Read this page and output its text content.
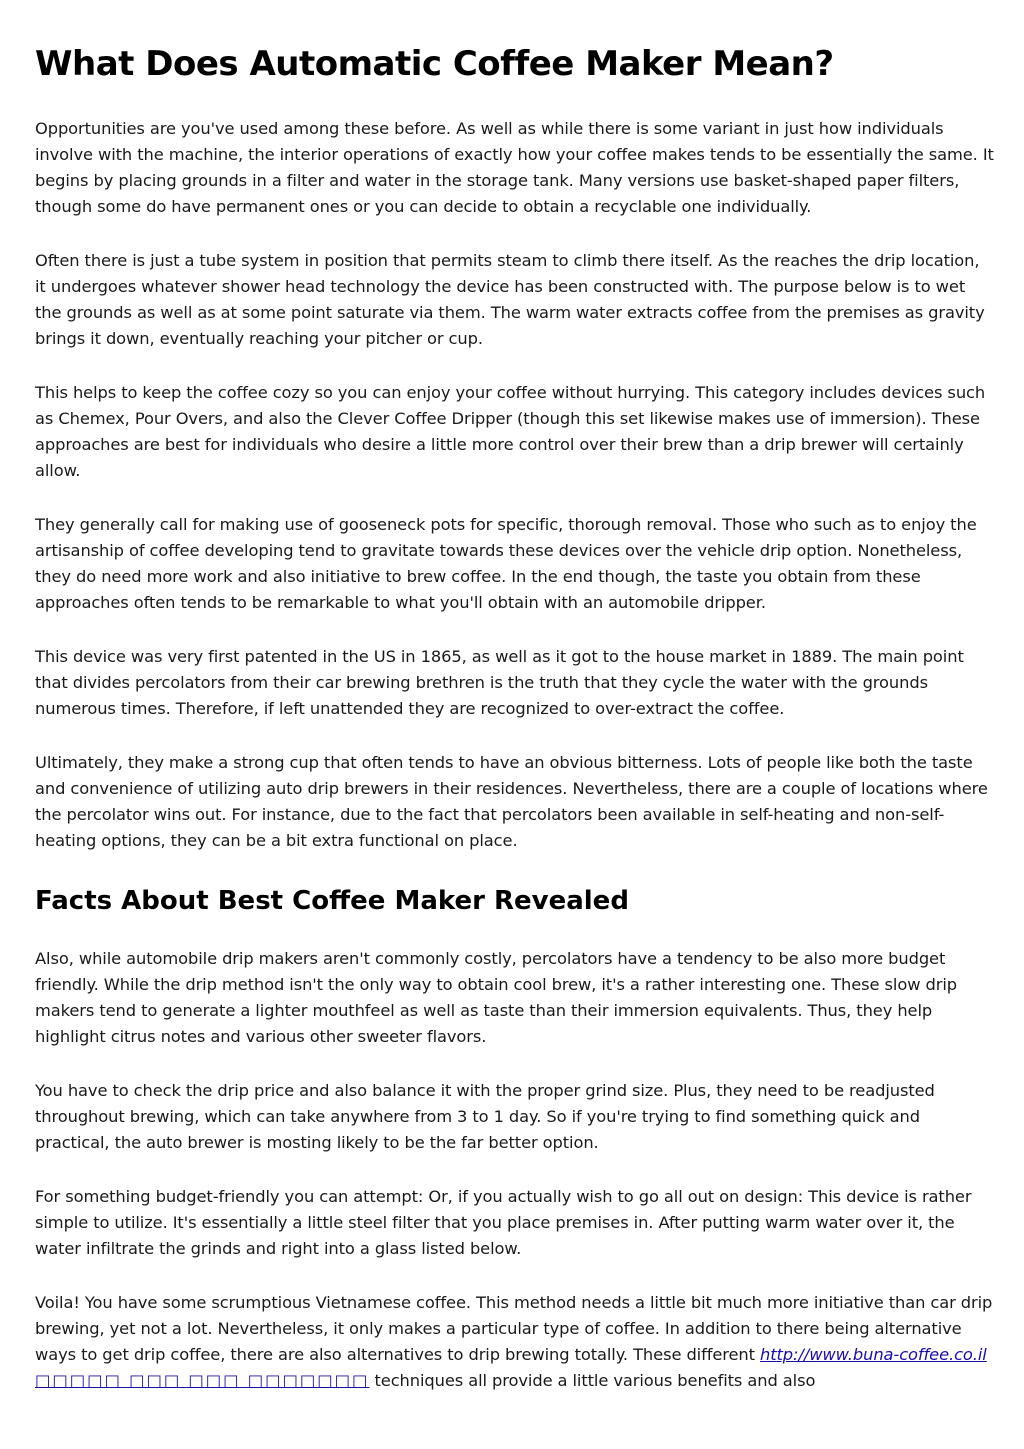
What Does Automatic Coffee Maker Mean?

Opportunities are you've used among these before. As well as while there is some variant in just how individuals involve with the machine, the interior operations of exactly how your coffee makes tends to be essentially the same. It begins by placing grounds in a filter and water in the storage tank. Many versions use basket-shaped paper filters, though some do have permanent ones or you can decide to obtain a recyclable one individually.

Often there is just a tube system in position that permits steam to climb there itself. As the reaches the drip location, it undergoes whatever shower head technology the device has been constructed with. The purpose below is to wet the grounds as well as at some point saturate via them. The warm water extracts coffee from the premises as gravity brings it down, eventually reaching your pitcher or cup.

This helps to keep the coffee cozy so you can enjoy your coffee without hurrying. This category includes devices such as Chemex, Pour Overs, and also the Clever Coffee Dripper (though this set likewise makes use of immersion). These approaches are best for individuals who desire a little more control over their brew than a drip brewer will certainly allow.

They generally call for making use of gooseneck pots for specific, thorough removal. Those who such as to enjoy the artisanship of coffee developing tend to gravitate towards these devices over the vehicle drip option. Nonetheless, they do need more work and also initiative to brew coffee. In the end though, the taste you obtain from these approaches often tends to be remarkable to what you'll obtain with an automobile dripper.

This device was very first patented in the US in 1865, as well as it got to the house market in 1889. The main point that divides percolators from their car brewing brethren is the truth that they cycle the water with the grounds numerous times. Therefore, if left unattended they are recognized to over-extract the coffee.

Ultimately, they make a strong cup that often tends to have an obvious bitterness. Lots of people like both the taste and convenience of utilizing auto drip brewers in their residences. Nevertheless, there are a couple of locations where the percolator wins out. For instance, due to the fact that percolators been available in self-heating and non-self-heating options, they can be a bit extra functional on place.

Facts About Best Coffee Maker Revealed

Also, while automobile drip makers aren't commonly costly, percolators have a tendency to be also more budget friendly. While the drip method isn't the only way to obtain cool brew, it's a rather interesting one. These slow drip makers tend to generate a lighter mouthfeel as well as taste than their immersion equivalents. Thus, they help highlight citrus notes and various other sweeter flavors.

You have to check the drip price and also balance it with the proper grind size. Plus, they need to be readjusted throughout brewing, which can take anywhere from 3 to 1 day. So if you're trying to find something quick and practical, the auto brewer is mosting likely to be the far better option.

For something budget-friendly you can attempt: Or, if you actually wish to go all out on design: This device is rather simple to utilize. It's essentially a little steel filter that you place premises in. After putting warm water over it, the water infiltrate the grinds and right into a glass listed below.

Voila! You have some scrumptious Vietnamese coffee. This method needs a little bit much more initiative than car drip brewing, yet not a lot. Nevertheless, it only makes a particular type of coffee. In addition to there being alternative ways to get drip coffee, there are also alternatives to drip brewing totally. These different http://www.buna-coffee.co.il □□□□□ □□□ □□□ □□□□□□□ techniques all provide a little various benefits and also
